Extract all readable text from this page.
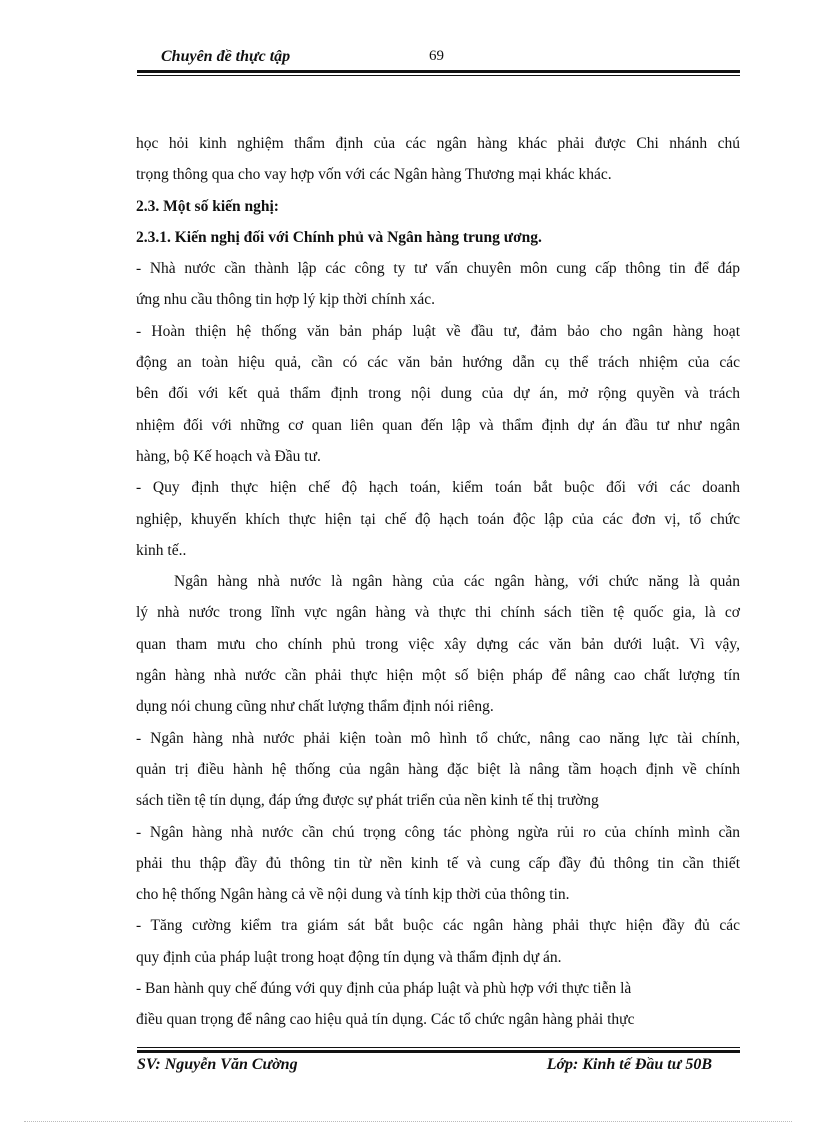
Chuyên đề thực tập	69
học hỏi kinh nghiệm thẩm định của các ngân hàng khác phải được Chi nhánh chú
trọng thông qua cho vay hợp vốn với các Ngân hàng Thương mại khác khác.
2.3. Một số kiến nghị:
2.3.1. Kiến nghị đối với Chính phủ và Ngân hàng trung ương.
- Nhà nước cần thành lập các công ty tư vấn chuyên môn cung cấp thông tin để đáp
ứng nhu cầu thông tin hợp lý kịp thời chính xác.
- Hoàn thiện hệ thống văn bản pháp luật về đầu tư, đảm bảo cho ngân hàng hoạt
động an toàn hiệu quả, cần có các văn bản hướng dẫn cụ thể trách nhiệm của các
bên đối với kết quả thẩm định trong nội dung của dự án, mở rộng quyền và trách
nhiệm đối với những cơ quan liên quan đến lập và thẩm định dự án đầu tư như ngân
hàng, bộ Kế hoạch và Đầu tư.
- Quy định thực hiện chế độ hạch toán, kiểm toán bắt buộc đối với các doanh
nghiệp, khuyến khích thực hiện tại chế độ hạch toán độc lập của các đơn vị, tổ chức
kinh tế..
Ngân hàng nhà nước là ngân hàng của các ngân hàng, với chức năng là quản
lý nhà nước trong lĩnh vực ngân hàng và thực thi chính sách tiền tệ quốc gia, là cơ
quan tham mưu cho chính phủ trong việc xây dựng các văn bản dưới luật. Vì vậy,
ngân hàng nhà nước cần phải thực hiện một số biện pháp để nâng cao chất lượng tín
dụng nói chung cũng như chất lượng thẩm định nói riêng.
- Ngân hàng nhà nước phải kiện toàn mô hình tổ chức, nâng cao năng lực tài chính,
quản trị điều hành hệ thống của ngân hàng đặc biệt là nâng tầm hoạch định về chính
sách tiền tệ tín dụng, đáp ứng được sự phát triển của nền kinh tế thị trường
- Ngân hàng nhà nước cần chú trọng công tác phòng ngừa rủi ro của chính mình cần
phải thu thập đầy đủ thông tin từ nền kinh tế và cung cấp đầy đủ thông tin cần thiết
cho hệ thống Ngân hàng cả về nội dung và tính kịp thời của thông tin.
- Tăng cường kiểm tra giám sát bắt buộc các ngân hàng phải thực hiện đầy đủ các
quy định của pháp luật trong hoạt động tín dụng và thẩm định dự án.
- Ban hành quy chế đúng với quy định của pháp luật và phù hợp với thực tiễn là
điều quan trọng để nâng cao hiệu quả tín dụng. Các tổ chức ngân hàng phải thực
SV: Nguyễn Văn Cường	Lớp: Kinh tế Đầu tư 50B
